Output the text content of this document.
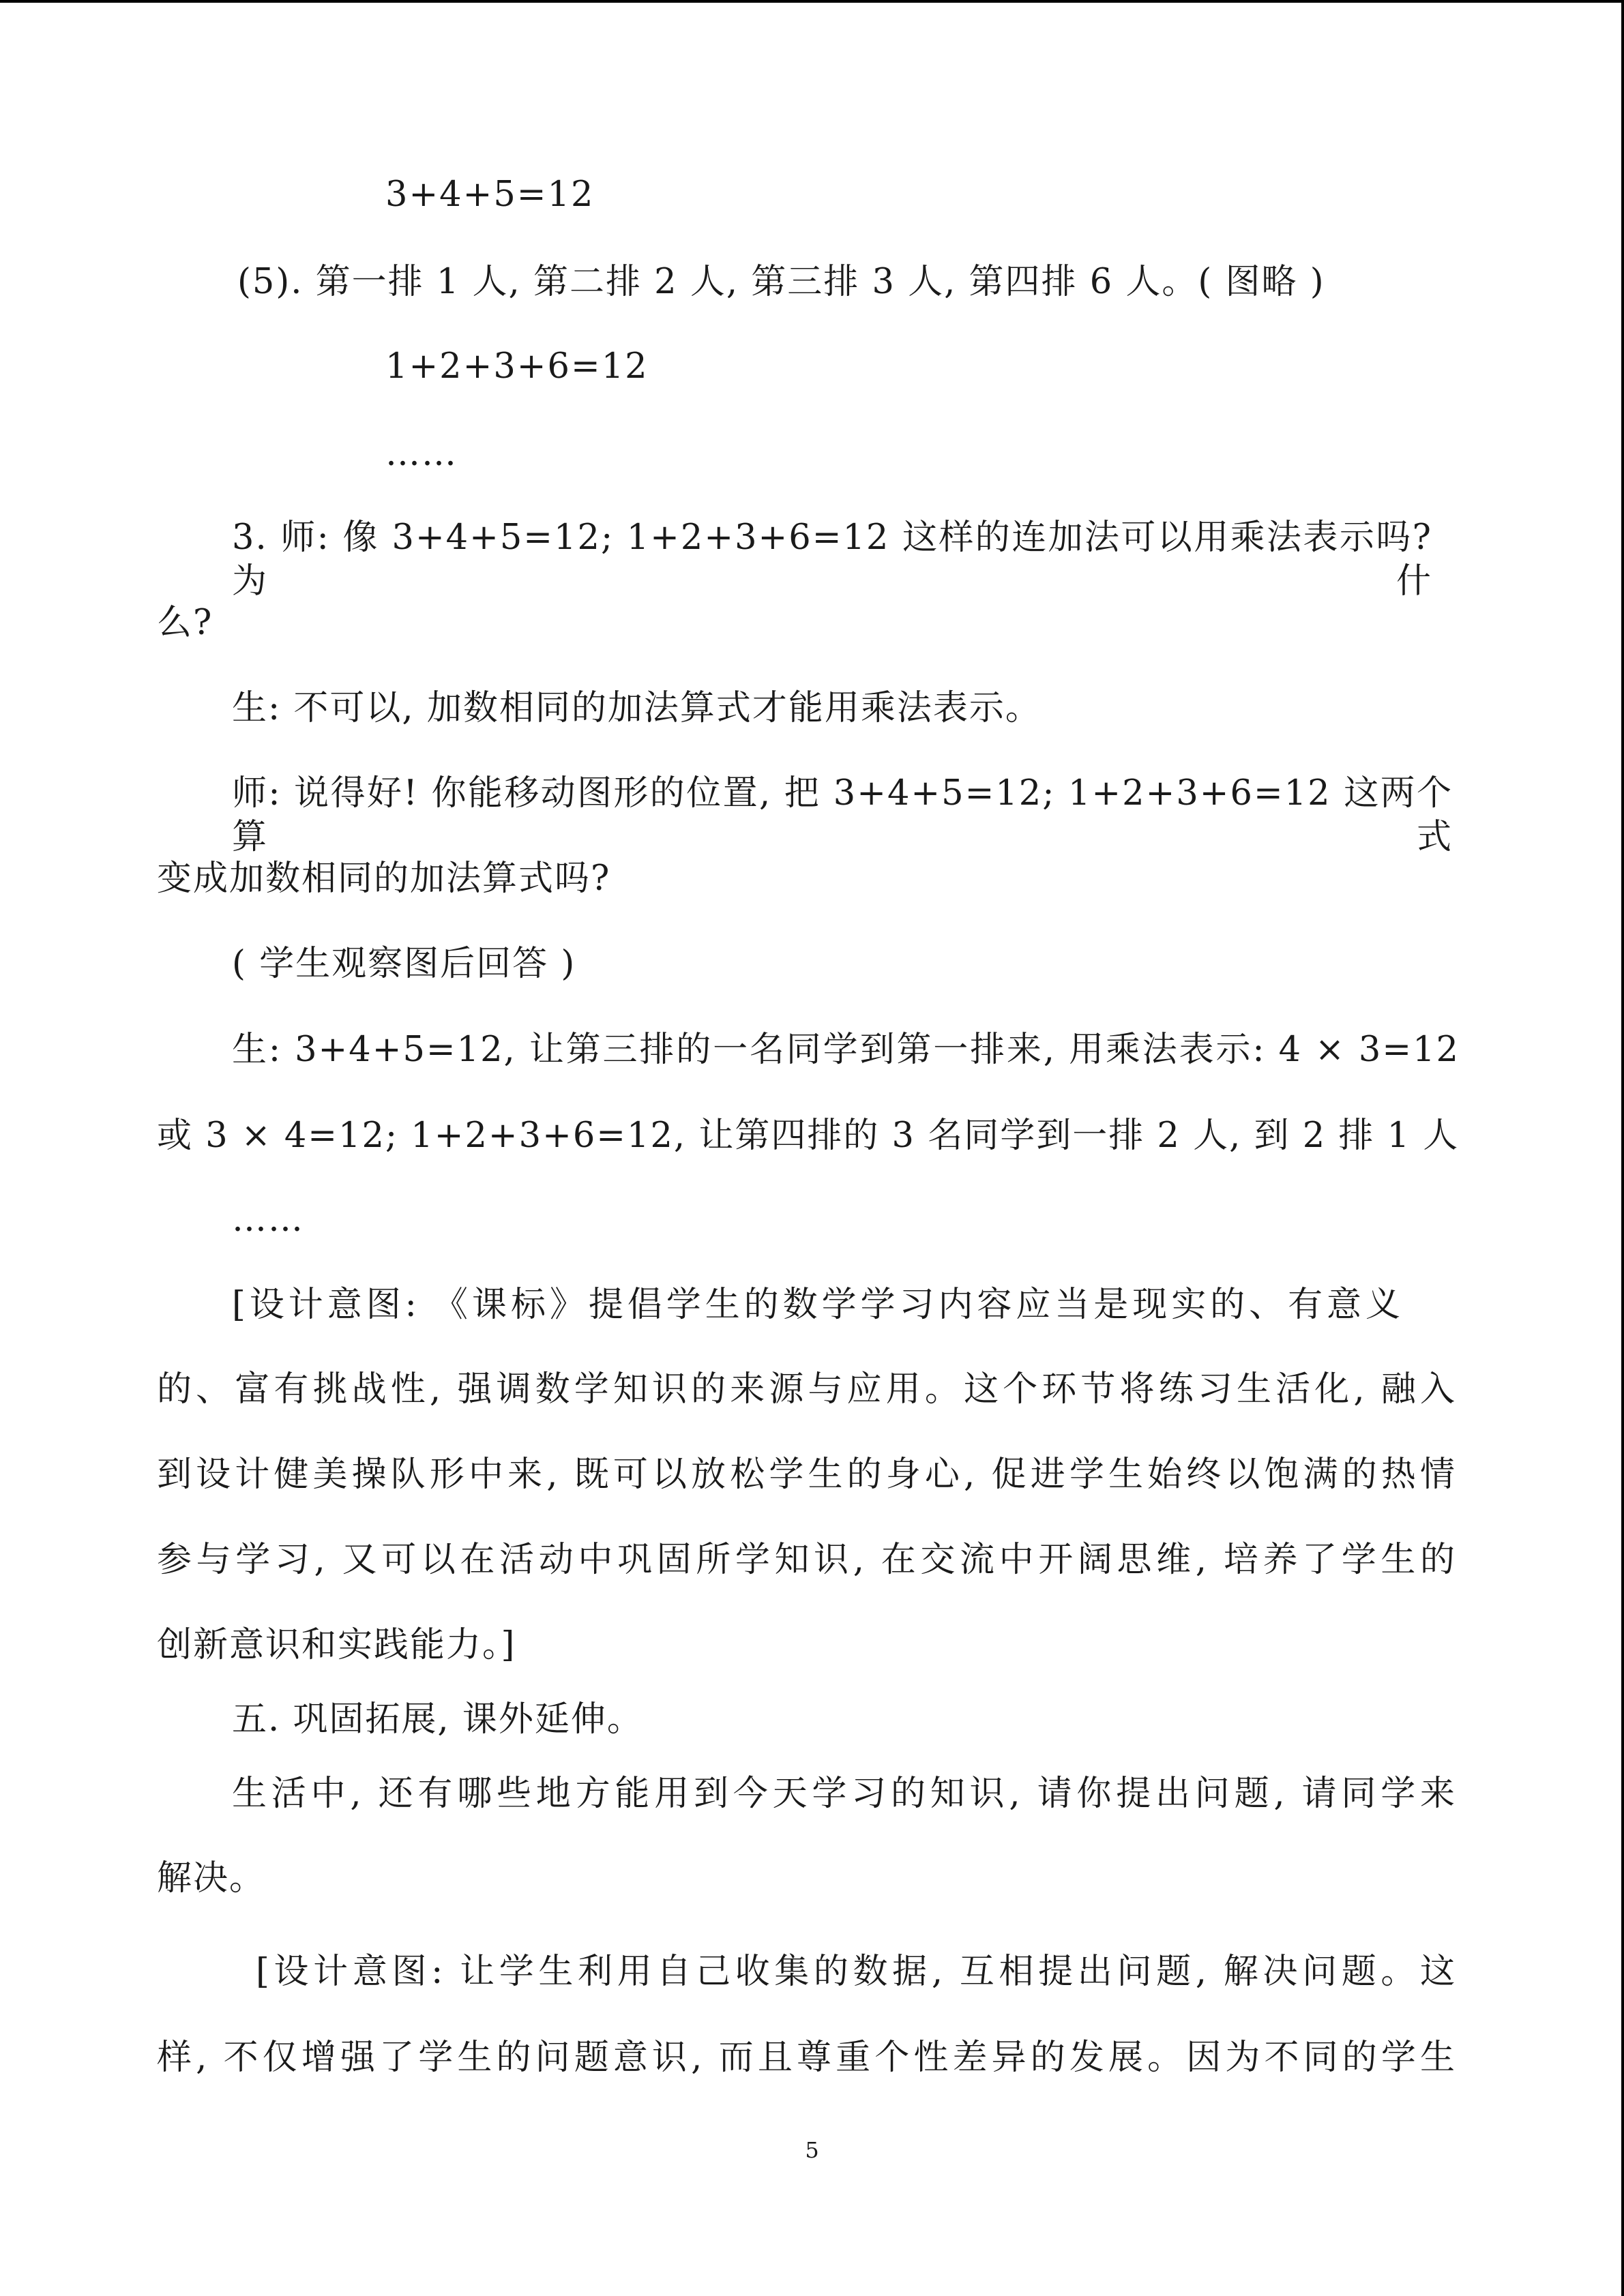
3+4+5=12
(5). 第一排 1 人, 第二排 2 人, 第三排 3 人, 第四排 6 人。( 图略 )
1+2+3+6=12
……
3. 师: 像 3+4+5=12; 1+2+3+6=12 这样的连加法可以用乘法表示吗? 为什
么?
生: 不可以, 加数相同的加法算式才能用乘法表示。
师: 说得好! 你能移动图形的位置, 把 3+4+5=12; 1+2+3+6=12 这两个算式
变成加数相同的加法算式吗?
( 学生观察图后回答 )
生: 3+4+5=12, 让第三排的一名同学到第一排来, 用乘法表示: 4 × 3=12
或 3 × 4=12; 1+2+3+6=12, 让第四排的 3 名同学到一排 2 人, 到 2 排 1 人
……
[设计意图: 《课标》提倡学生的数学学习内容应当是现实的、有意义
的、富有挑战性, 强调数学知识的来源与应用。这个环节将练习生活化, 融入
到设计健美操队形中来, 既可以放松学生的身心, 促进学生始终以饱满的热情
参与学习, 又可以在活动中巩固所学知识, 在交流中开阔思维, 培养了学生的
创新意识和实践能力。]
五. 巩固拓展, 课外延伸。
生活中, 还有哪些地方能用到今天学习的知识, 请你提出问题, 请同学来
解决。
[设计意图: 让学生利用自己收集的数据, 互相提出问题, 解决问题。这
样, 不仅增强了学生的问题意识, 而且尊重个性差异的发展。因为不同的学生
5
